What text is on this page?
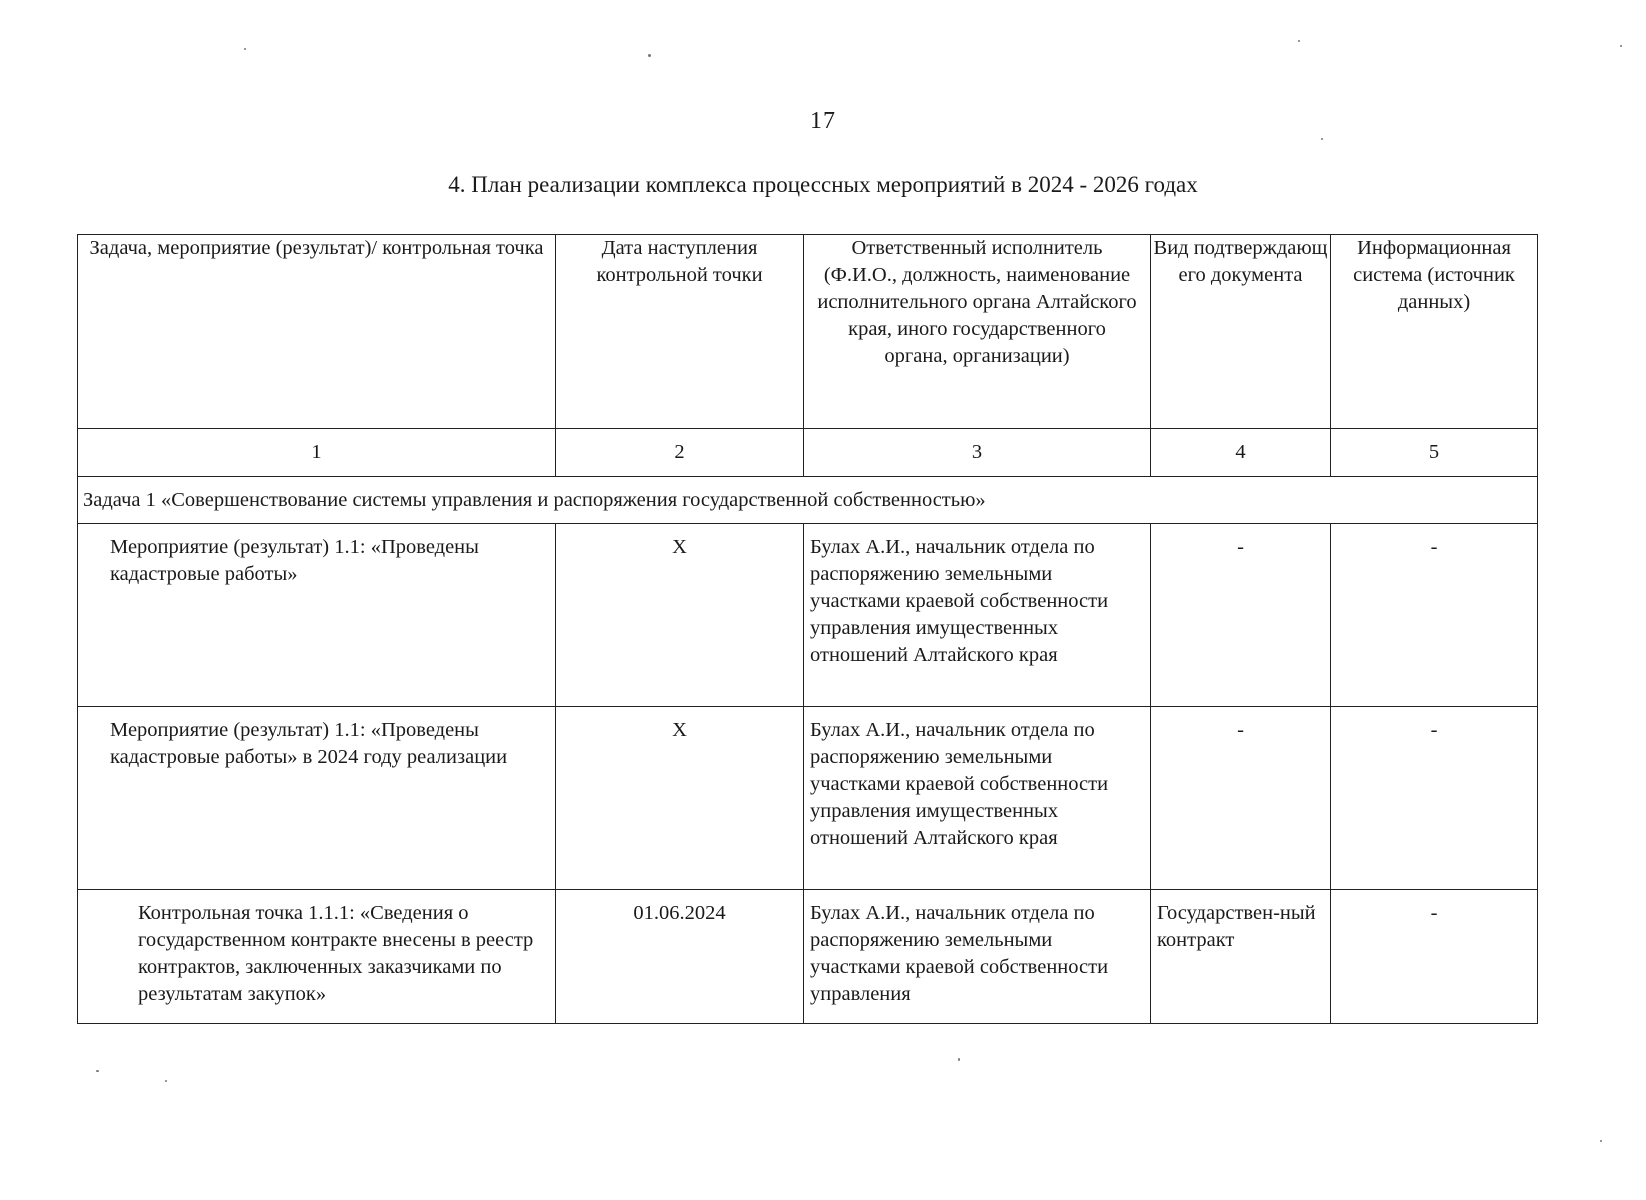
17
4. План реализации комплекса процессных мероприятий в 2024 - 2026 годах
Задача, мероприятие (результат)/ контрольная точка	Дата наступления контрольной точки	Ответственный исполнитель (Ф.И.О., должность, наименование исполнительного органа Алтайского края, иного государственного органа, организации)	Вид подтверждающего документа	Информационная система (источник данных)
1	2	3	4	5
Задача 1 «Совершенствование системы управления и распоряжения государственной собственностью»				
Мероприятие (результат) 1.1: «Проведены кадастровые работы»	X	Булах А.И., начальник отдела по распоряжению земельными участками краевой собственности управления имущественных отношений Алтайского края	-	-
Мероприятие (результат) 1.1: «Проведены кадастровые работы» в 2024 году реализации	X	Булах А.И., начальник отдела по распоряжению земельными участками краевой собственности управления имущественных отношений Алтайского края	-	-
Контрольная точка 1.1.1: «Сведения о государственном контракте внесены в реестр контрактов, заключенных заказчиками по результатам закупок»	01.06.2024	Булах А.И., начальник отдела по распоряжению земельными участками краевой собственности управления	Государствен-ный контракт	-
